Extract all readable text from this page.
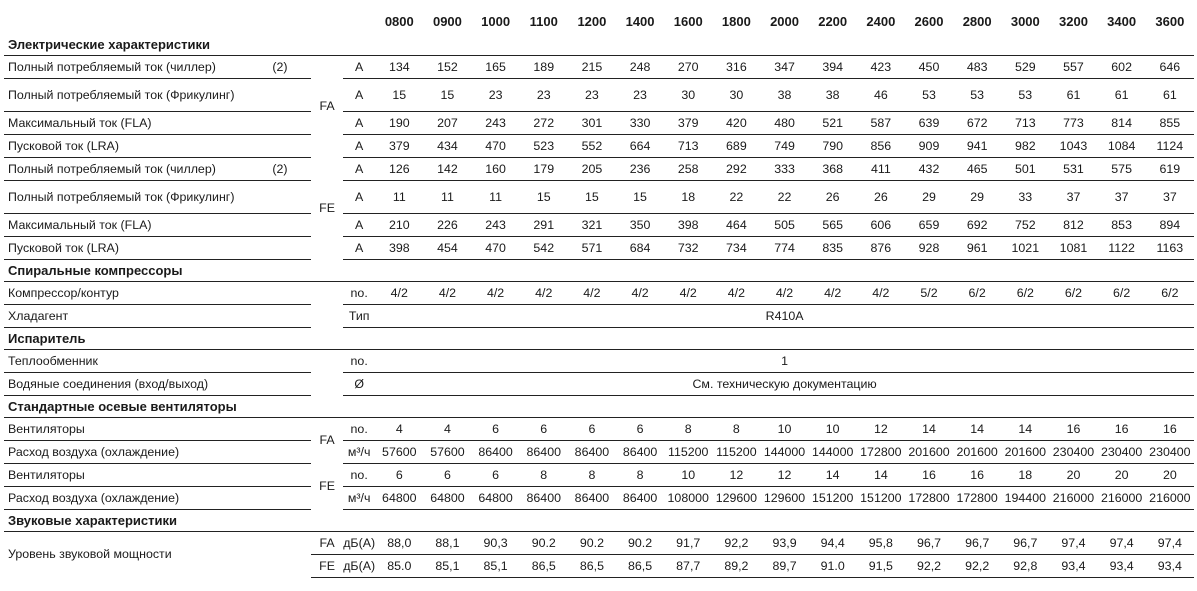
				0800	0900	1000	1100	1200	1400	1600	1800	2000	2200	2400	2600	2800	3000	3200	3400	3600
Электрические характеристики																				
Полный потребляемый ток (чиллер)	(2)	FA	A	134	152	165	189	215	248	270	316	347	394	423	450	483	529	557	602	646
Полный потребляемый ток (Фрикулинг)			A	15	15	23	23	23	23	30	30	38	38	46	53	53	53	61	61	61
Максимальный ток (FLA)			A	190	207	243	272	301	330	379	420	480	521	587	639	672	713	773	814	855
Пусковой ток (LRA)			A	379	434	470	523	552	664	713	689	749	790	856	909	941	982	1043	1084	1124
Полный потребляемый ток (чиллер)	(2)	FE	A	126	142	160	179	205	236	258	292	333	368	411	432	465	501	531	575	619
Полный потребляемый ток (Фрикулинг)			A	11	11	11	15	15	15	18	22	22	26	26	29	29	33	37	37	37
Максимальный ток (FLA)			A	210	226	243	291	321	350	398	464	505	565	606	659	692	752	812	853	894
Пусковой ток (LRA)			A	398	454	470	542	571	684	732	734	774	835	876	928	961	1021	1081	1122	1163
Спиральные компрессоры																				
Компрессор/контур			no.	4/2	4/2	4/2	4/2	4/2	4/2	4/2	4/2	4/2	4/2	4/2	5/2	6/2	6/2	6/2	6/2	6/2
Хладагент			Тип	R410A																
Испаритель																				
Теплообменник			no.	1																
Водяные соединения (вход/выход)			Ø	См. техническую документацию																
Стандартные осевые вентиляторы																				
Вентиляторы		FA	no.	4	4	6	6	6	6	8	8	10	10	12	14	14	14	16	16	16
Расход воздуха (охлаждение)			м³/ч	57600	57600	86400	86400	86400	86400	115200	115200	144000	144000	172800	201600	201600	201600	230400	230400	230400
Вентиляторы		FE	no.	6	6	6	8	8	8	10	12	12	14	14	16	16	18	20	20	20
Расход воздуха (охлаждение)			м³/ч	64800	64800	64800	86400	86400	86400	108000	129600	129600	151200	151200	172800	172800	194400	216000	216000	216000
Звуковые характеристики																				
Уровень звуковой мощности		FA	дБ(A)	88,0	88,1	90,3	90.2	90.2	90.2	91,7	92,2	93,9	94,4	95,8	96,7	96,7	96,7	97,4	97,4	97,4
		FE	дБ(A)	85.0	85,1	85,1	86,5	86,5	86,5	87,7	89,2	89,7	91.0	91,5	92,2	92,2	92,8	93,4	93,4	93,4
